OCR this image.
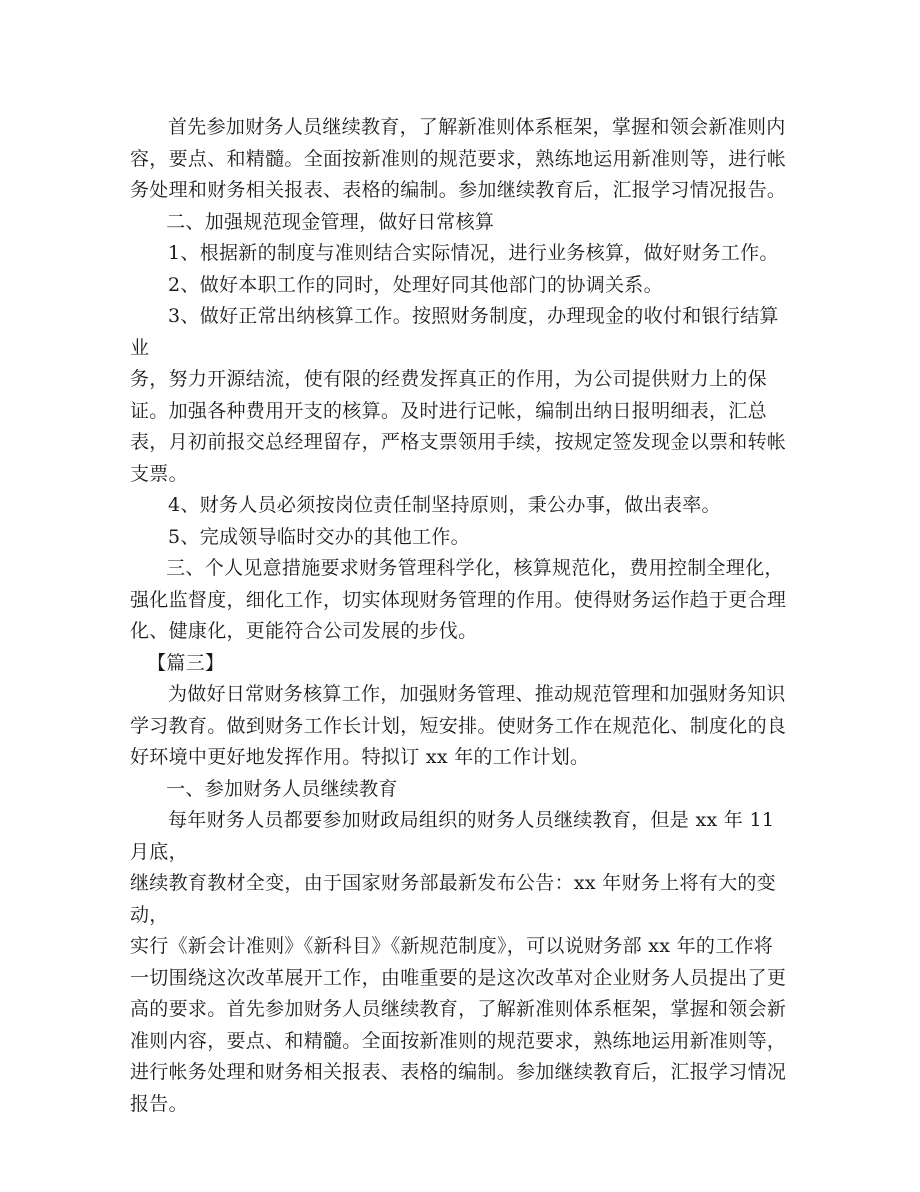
首先参加财务人员继续教育，了解新准则体系框架，掌握和领会新准则内容，要点、和精髓。全面按新准则的规范要求，熟练地运用新准则等，进行帐务处理和财务相关报表、表格的编制。参加继续教育后，汇报学习情况报告。

二、加强规范现金管理，做好日常核算

1、根据新的制度与准则结合实际情况，进行业务核算，做好财务工作。

2、做好本职工作的同时，处理好同其他部门的协调关系。

3、做好正常出纳核算工作。按照财务制度，办理现金的收付和银行结算业

务，努力开源结流，使有限的经费发挥真正的作用，为公司提供财力上的保证。加强各种费用开支的核算。及时进行记帐，编制出纳日报明细表，汇总表，月初前报交总经理留存，严格支票领用手续，按规定签发现金以票和转帐支票。

4、财务人员必须按岗位责任制坚持原则，秉公办事，做出表率。

5、完成领导临时交办的其他工作。

三、个人见意措施要求财务管理科学化，核算规范化，费用控制全理化，强化监督度，细化工作，切实体现财务管理的作用。使得财务运作趋于更合理化、健康化，更能符合公司发展的步伐。

【篇三】

为做好日常财务核算工作，加强财务管理、推动规范管理和加强财务知识学习教育。做到财务工作长计划，短安排。使财务工作在规范化、制度化的良好环境中更好地发挥作用。特拟订 xx 年的工作计划。

一、参加财务人员继续教育

每年财务人员都要参加财政局组织的财务人员继续教育，但是 xx 年 11 月底，

继续教育教材全变，由于国家财务部最新发布公告：xx 年财务上将有大的变动，

实行《新会计准则》《新科目》《新规范制度》，可以说财务部 xx 年的工作将一切围绕这次改革展开工作，由唯重要的是这次改革对企业财务人员提出了更高的要求。首先参加财务人员继续教育，了解新准则体系框架，掌握和领会新准则内容，要点、和精髓。全面按新准则的规范要求，熟练地运用新准则等，进行帐务处理和财务相关报表、表格的编制。参加继续教育后，汇报学习情况报告。
